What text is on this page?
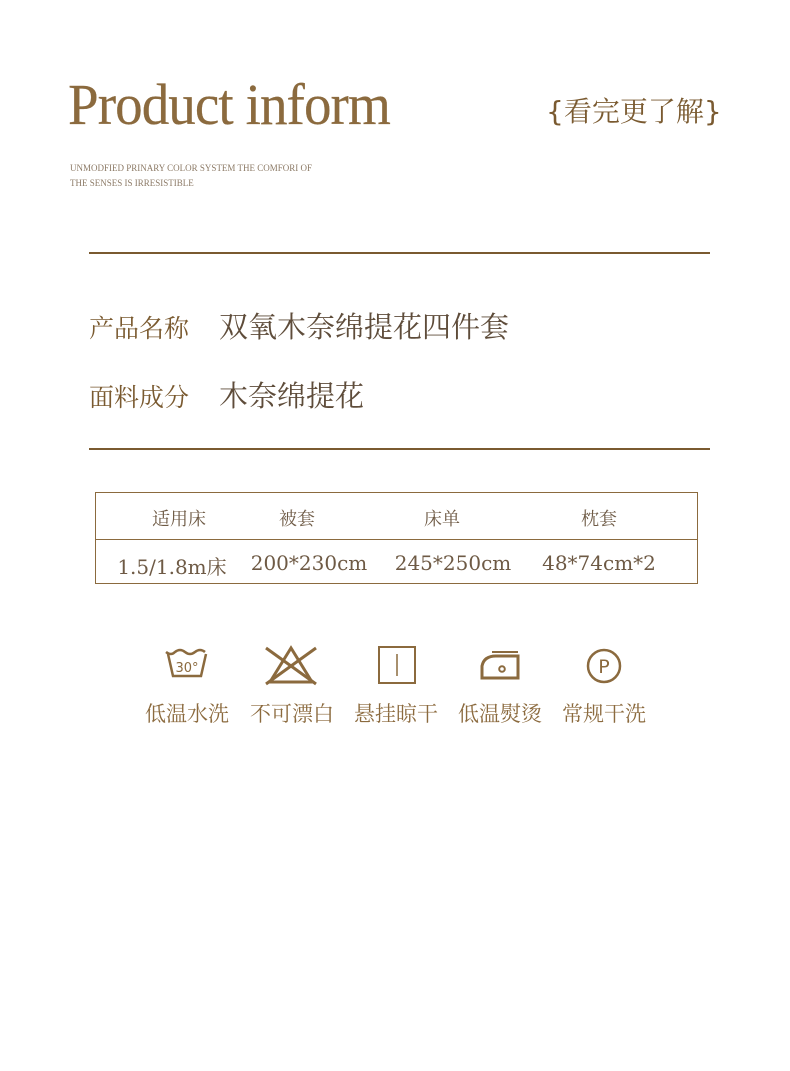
Product inform	{看完更了解}
UNMODFIED PRINARY COLOR SYSTEM THE COMFORI OF THE SENSES IS IRRESISTIBLE
产品名称	双氧木奈绵提花四件套
面料成分	木奈绵提花
适用床	被套	床单	枕套
1.5/1.8m床	200*230cm	245*250cm	48*74cm*2
30°	P
低温水洗	不可漂白 悬挂晾干 低温熨烫 常规干洗
